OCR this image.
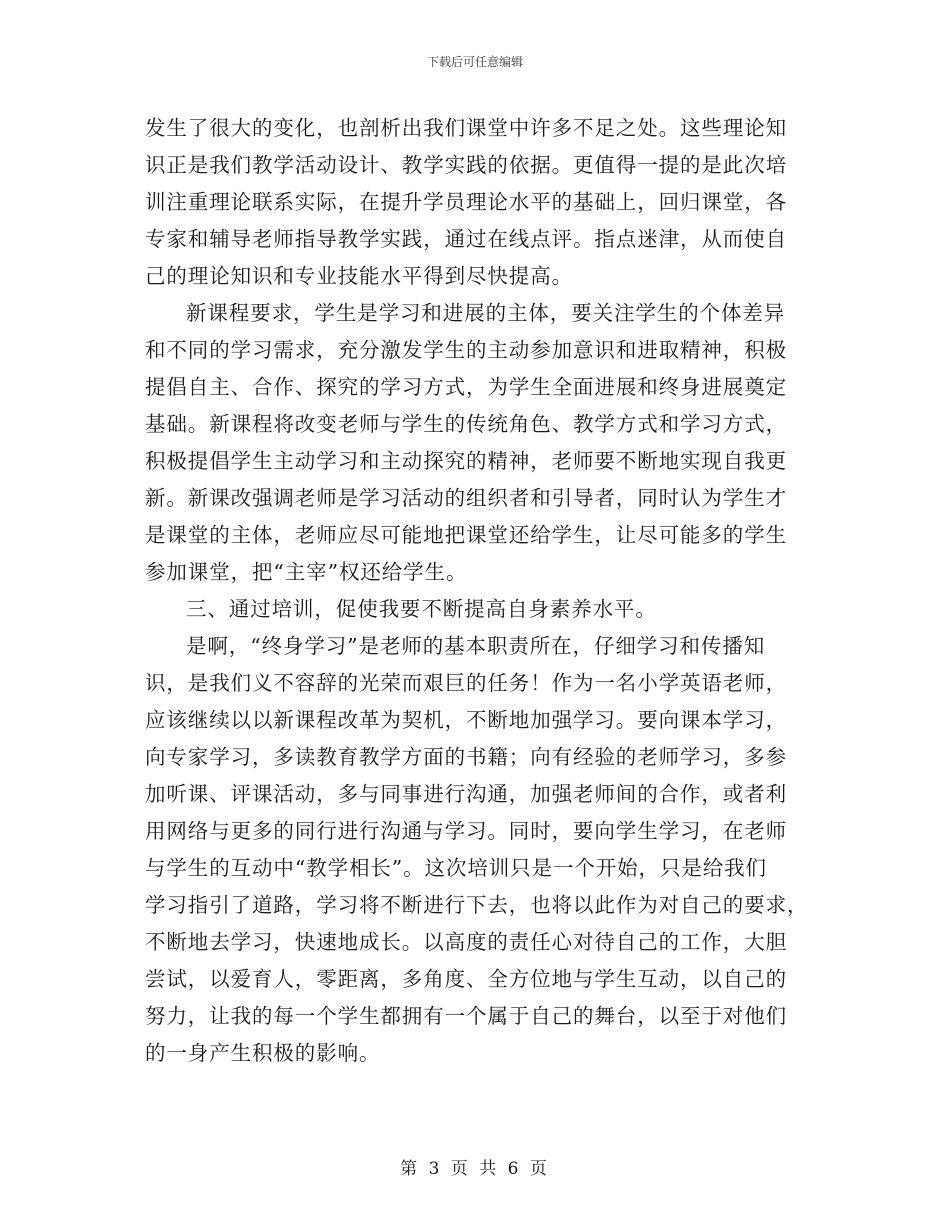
下载后可任意编辑
发生了很大的变化，也剖析出我们课堂中许多不足之处。这些理论知
识正是我们教学活动设计、教学实践的依据。更值得一提的是此次培
训注重理论联系实际，在提升学员理论水平的基础上，回归课堂，各
专家和辅导老师指导教学实践，通过在线点评。指点迷津，从而使自
己的理论知识和专业技能水平得到尽快提高。
新课程要求，学生是学习和进展的主体，要关注学生的个体差异
和不同的学习需求，充分激发学生的主动参加意识和进取精神，积极
提倡自主、合作、探究的学习方式，为学生全面进展和终身进展奠定
基础。新课程将改变老师与学生的传统角色、教学方式和学习方式，
积极提倡学生主动学习和主动探究的精神，老师要不断地实现自我更
新。新课改强调老师是学习活动的组织者和引导者，同时认为学生才
是课堂的主体，老师应尽可能地把课堂还给学生，让尽可能多的学生
参加课堂，把“主宰”权还给学生。
三、通过培训，促使我要不断提高自身素养水平。
是啊，“终身学习”是老师的基本职责所在，仔细学习和传播知
识，是我们义不容辞的光荣而艰巨的任务！作为一名小学英语老师，
应该继续以以新课程改革为契机，不断地加强学习。要向课本学习，
向专家学习，多读教育教学方面的书籍；向有经验的老师学习，多参
加听课、评课活动，多与同事进行沟通，加强老师间的合作，或者利
用网络与更多的同行进行沟通与学习。同时，要向学生学习，在老师
与学生的互动中“教学相长”。这次培训只是一个开始，只是给我们
学习指引了道路，学习将不断进行下去，也将以此作为对自己的要求，
不断地去学习，快速地成长。以高度的责任心对待自己的工作，大胆
尝试，以爱育人，零距离，多角度、全方位地与学生互动，以自己的
努力，让我的每一个学生都拥有一个属于自己的舞台，以至于对他们
的一身产生积极的影响。
第 3 页 共 6 页
